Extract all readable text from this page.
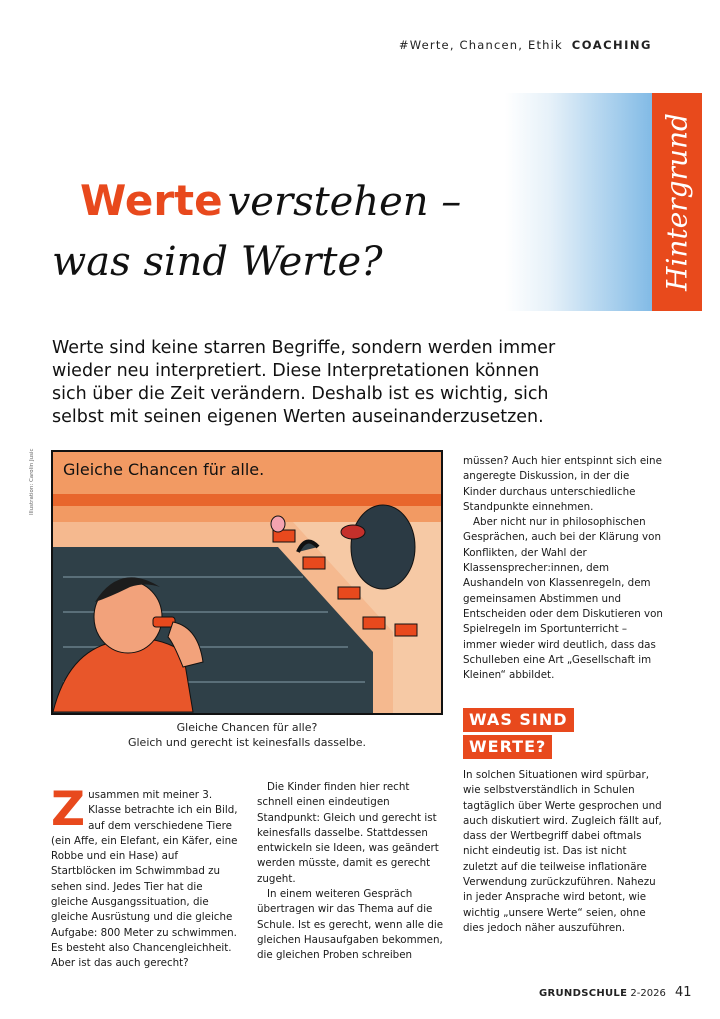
#Werte, Chancen, Ethik COACHING
Hintergrund
Werte verstehen – was sind Werte?
Werte sind keine starren Begriffe, sondern werden immer wieder neu interpretiert. Diese Interpretationen können sich über die Zeit verändern. Deshalb ist es wichtig, sich selbst mit seinen eigenen Werten auseinanderzusetzen.
Illustration: Carolin Jusic Gleiche Chancen für alle.
Gleiche Chancen für alle?
Gleich und gerecht ist keinesfalls dasselbe.

müssen? Auch hier entspinnt sich eine angeregte Diskussion, in der die Kinder durchaus unterschiedliche Standpunkte einnehmen.

Aber nicht nur in philosophischen Gesprächen, auch bei der Klärung von Konflikten, der Wahl der Klassensprecher:innen, dem Aushandeln von Klassenregeln, dem gemeinsamen Abstimmen und Entscheiden oder dem Diskutieren von Spielregeln im Sportunterricht – immer wieder wird deutlich, dass das Schulleben eine Art „Gesellschaft im Kleinen“ abbildet.

WAS SIND
WERTE?

In solchen Situationen wird spürbar, wie selbstverständlich in Schulen tagtäglich über Werte gesprochen und auch diskutiert wird. Zugleich fällt auf, dass der Wertbegriff dabei oftmals nicht eindeutig ist. Das ist nicht zuletzt auf die teilweise inflationäre Verwendung zurückzuführen. Nahezu in jeder Ansprache wird betont, wie wichtig „unsere Werte“ seien, ohne dies jedoch näher auszuführen.

Z usammen mit meiner 3. Klasse betrachte ich ein Bild, auf dem verschiedene Tiere (ein Affe, ein Elefant, ein Käfer, eine Robbe und ein Hase) auf Startblöcken im Schwimmbad zu sehen sind. Jedes Tier hat die gleiche Ausgangssituation, die gleiche Ausrüstung und die gleiche Aufgabe: 800 Meter zu schwimmen. Es besteht also Chancengleichheit. Aber ist das auch gerecht?

Die Kinder finden hier recht schnell einen eindeutigen Standpunkt: Gleich und gerecht ist keinesfalls dasselbe. Stattdessen entwickeln sie Ideen, was geändert werden müsste, damit es gerecht zugeht.

In einem weiteren Gespräch übertragen wir das Thema auf die Schule. Ist es gerecht, wenn alle die gleichen Hausaufgaben bekommen, die gleichen Proben schreiben

GRUNDSCHULE 2-2026 41
